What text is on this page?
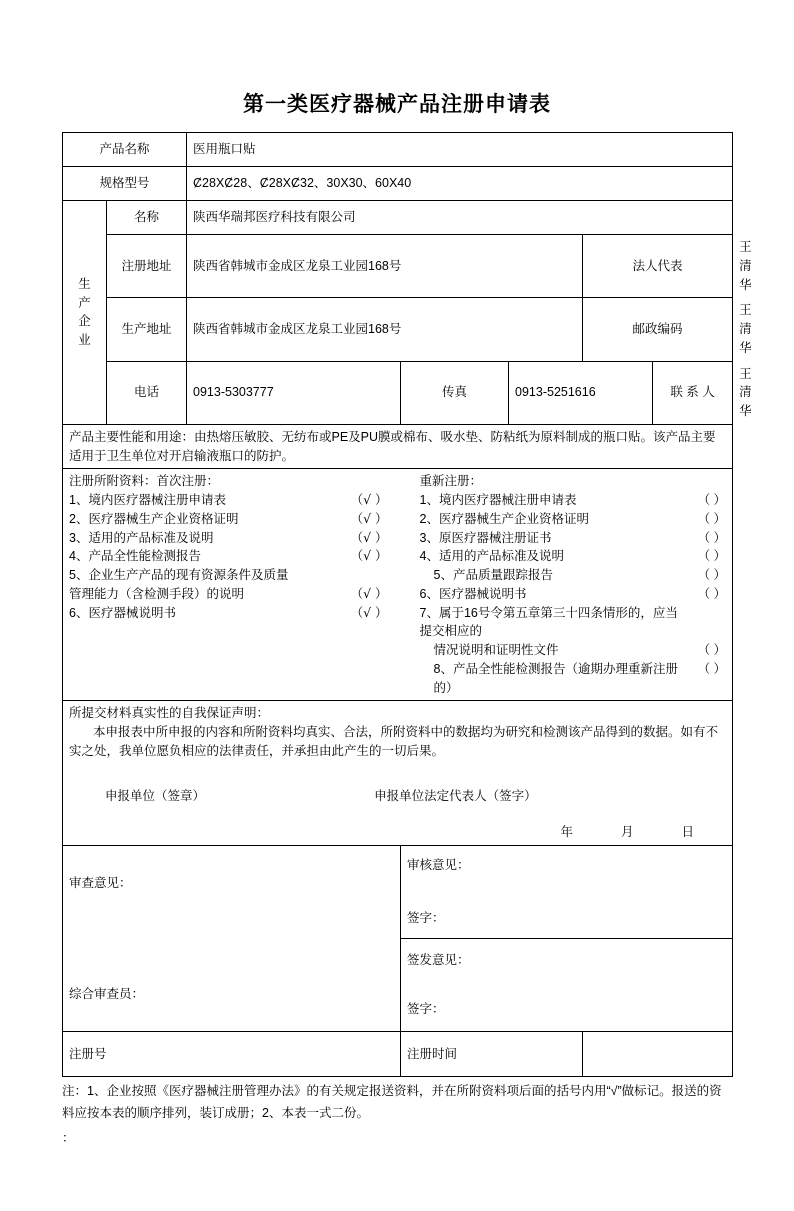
第一类医疗器械产品注册申请表
产品名称		医用瓶口贴					
规格型号		Ȼ28XȻ28、Ȼ28XȻ32、30X30、60X40					
生
产
企
业	名称	陕西华瑞邦医疗科技有限公司					
	注册地址	陕西省韩城市金成区龙泉工业园168号			法人代表		王清华
	生产地址	陕西省韩城市金成区龙泉工业园168号			邮政编码		王清华
	电话	0913-5303777	传真	0913-5251616		联 系 人	王清华
产品主要性能和用途：由热熔压敏胶、无纺布或PE及PU膜或棉布、吸水垫、防粘纸为原料制成的瓶口贴。该产品主要适用于卫生单位对开启输液瓶口的防护。							

注册所附资料：首次注册：	重新注册：
1、境内医疗器械注册申请表	（√ ）
2、医疗器械生产企业资格证明	（√ ）
3、适用的产品标准及说明	（√ ）
4、产品全性能检测报告	（√ ）
5、企业生产产品的现有资源条件及质量
管理能力（含检测手段）的说明	（√ ）
6、医疗器械说明书	（√ ）
1、境内医疗器械注册申请表	（ ）
2、医疗器械生产企业资格证明	（ ）
3、原医疗器械注册证书	（ ）
4、适用的产品标准及说明	（ ）
5、产品质量跟踪报告	（ ）
6、医疗器械说明书	（ ）
7、属于16号令第五章第三十四条情形的，应当提交相应的
情况说明和证明性文件	（ ）
8、产品全性能检测报告（逾期办理重新注册的）
（ ）

所提交材料真实性的自我保证声明：
本申报表中所申报的内容和所附资料均真实、合法，所附资料中的数据均为研究和检测该产品得到的数据。如有不实之处，我单位愿负相应的法律责任，并承担由此产生的一切后果。
申报单位（签章） 申报单位法定代表人（签字）
年 月 日							

审查意见：
综合审查员：

审核意见：
签字：

			签发意见：
签字：				

注册号			注册时间				
注：1、企业按照《医疗器械注册管理办法》的有关规定报送资料，并在所附资料项后面的括号内用“√”做标记。报送的资料应按本表的顺序排列，装订成册；2、本表一式二份。
：
